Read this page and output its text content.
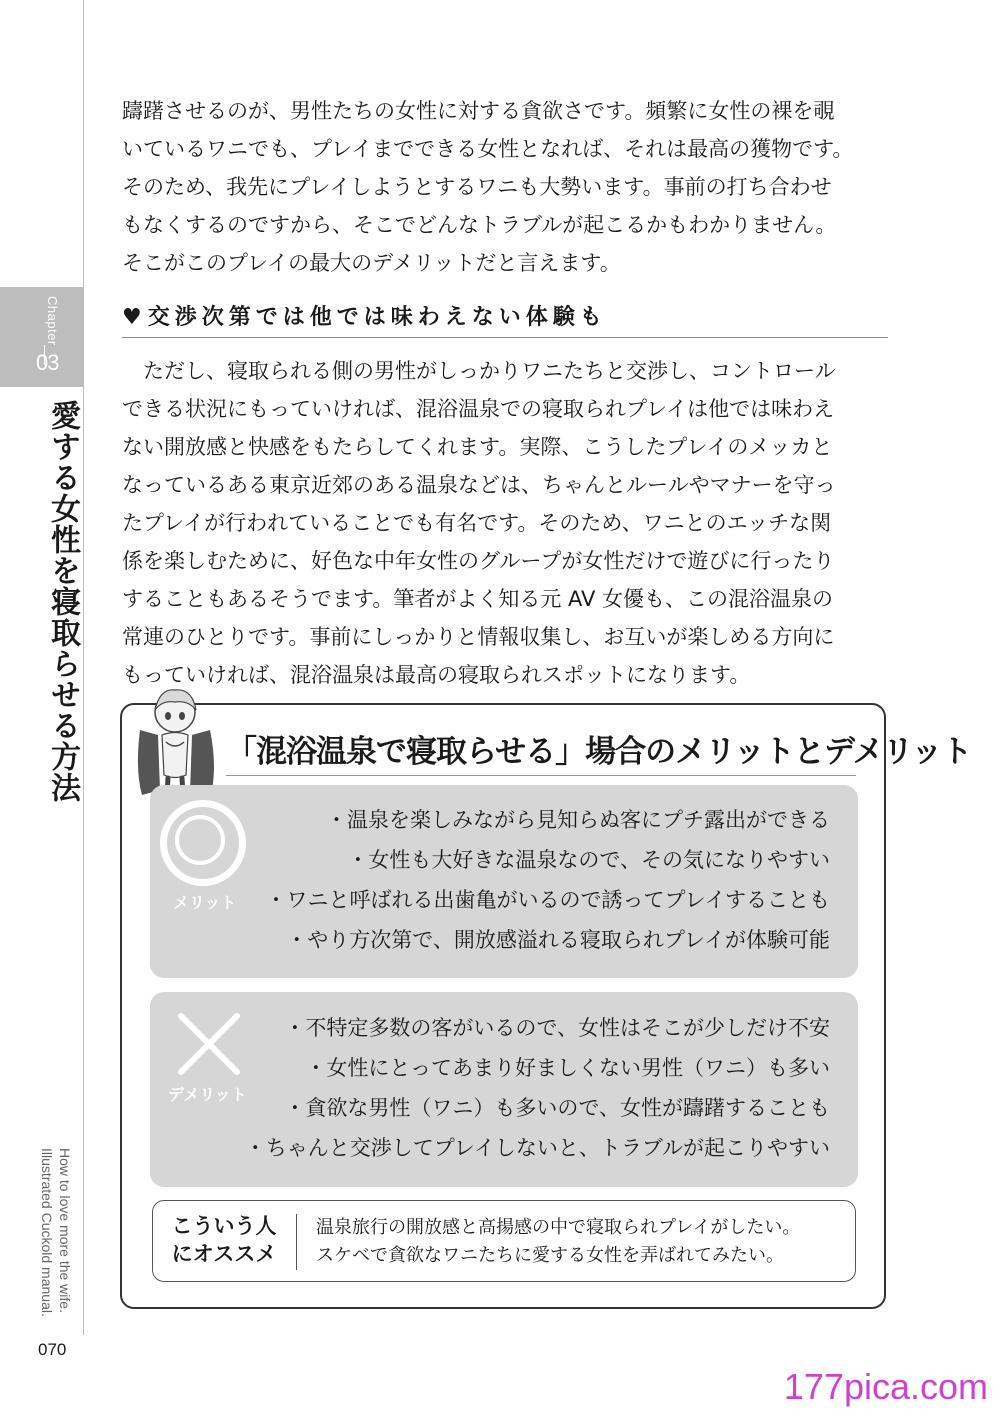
Chapter
03
愛する女性を寝取らせる方法
How to love more the wife.
Illustrated Cuckold manual.
070

躊躇させるのが、男性たちの女性に対する貪欲さです。頻繁に女性の裸を覗
いているワニでも、プレイまでできる女性となれば、それは最高の獲物です。
そのため、我先にプレイしようとするワニも大勢います。事前の打ち合わせ
もなくするのですから、そこでどんなトラブルが起こるかもわかりません。
そこがこのプレイの最大のデメリットだと言えます。

♥ 交渉次第では他では味わえない体験も

　ただし、寝取られる側の男性がしっかりワニたちと交渉し、コントロール
できる状況にもっていければ、混浴温泉での寝取られプレイは他では味わえ
ない開放感と快感をもたらしてくれます。実際、こうしたプレイのメッカと
なっているある東京近郊のある温泉などは、ちゃんとルールやマナーを守っ
たプレイが行われていることでも有名です。そのため、ワニとのエッチな関
係を楽しむために、好色な中年女性のグループが女性だけで遊びに行ったり
することもあるそうでます。筆者がよく知る元 AV 女優も、この混浴温泉の
常連のひとりです。事前にしっかりと情報収集し、お互いが楽しめる方向に
もっていければ、混浴温泉は最高の寝取られスポットになります。

「混浴温泉で寝取らせる」場合のメリットとデメリット
メリット
・温泉を楽しみながら見知らぬ客にプチ露出ができる
・女性も大好きな温泉なので、その気になりやすい
・ワニと呼ばれる出歯亀がいるので誘ってプレイすることも
・やり方次第で、開放感溢れる寝取られプレイが体験可能
デメリット
・不特定多数の客がいるので、女性はそこが少しだけ不安
・女性にとってあまり好ましくない男性（ワニ）も多い
・貪欲な男性（ワニ）も多いので、女性が躊躇することも
・ちゃんと交渉してプレイしないと、トラブルが起こりやすい
こういう人
にオススメ
温泉旅行の開放感と高揚感の中で寝取られプレイがしたい。
スケベで貪欲なワニたちに愛する女性を弄ばれてみたい。
177pica.com
